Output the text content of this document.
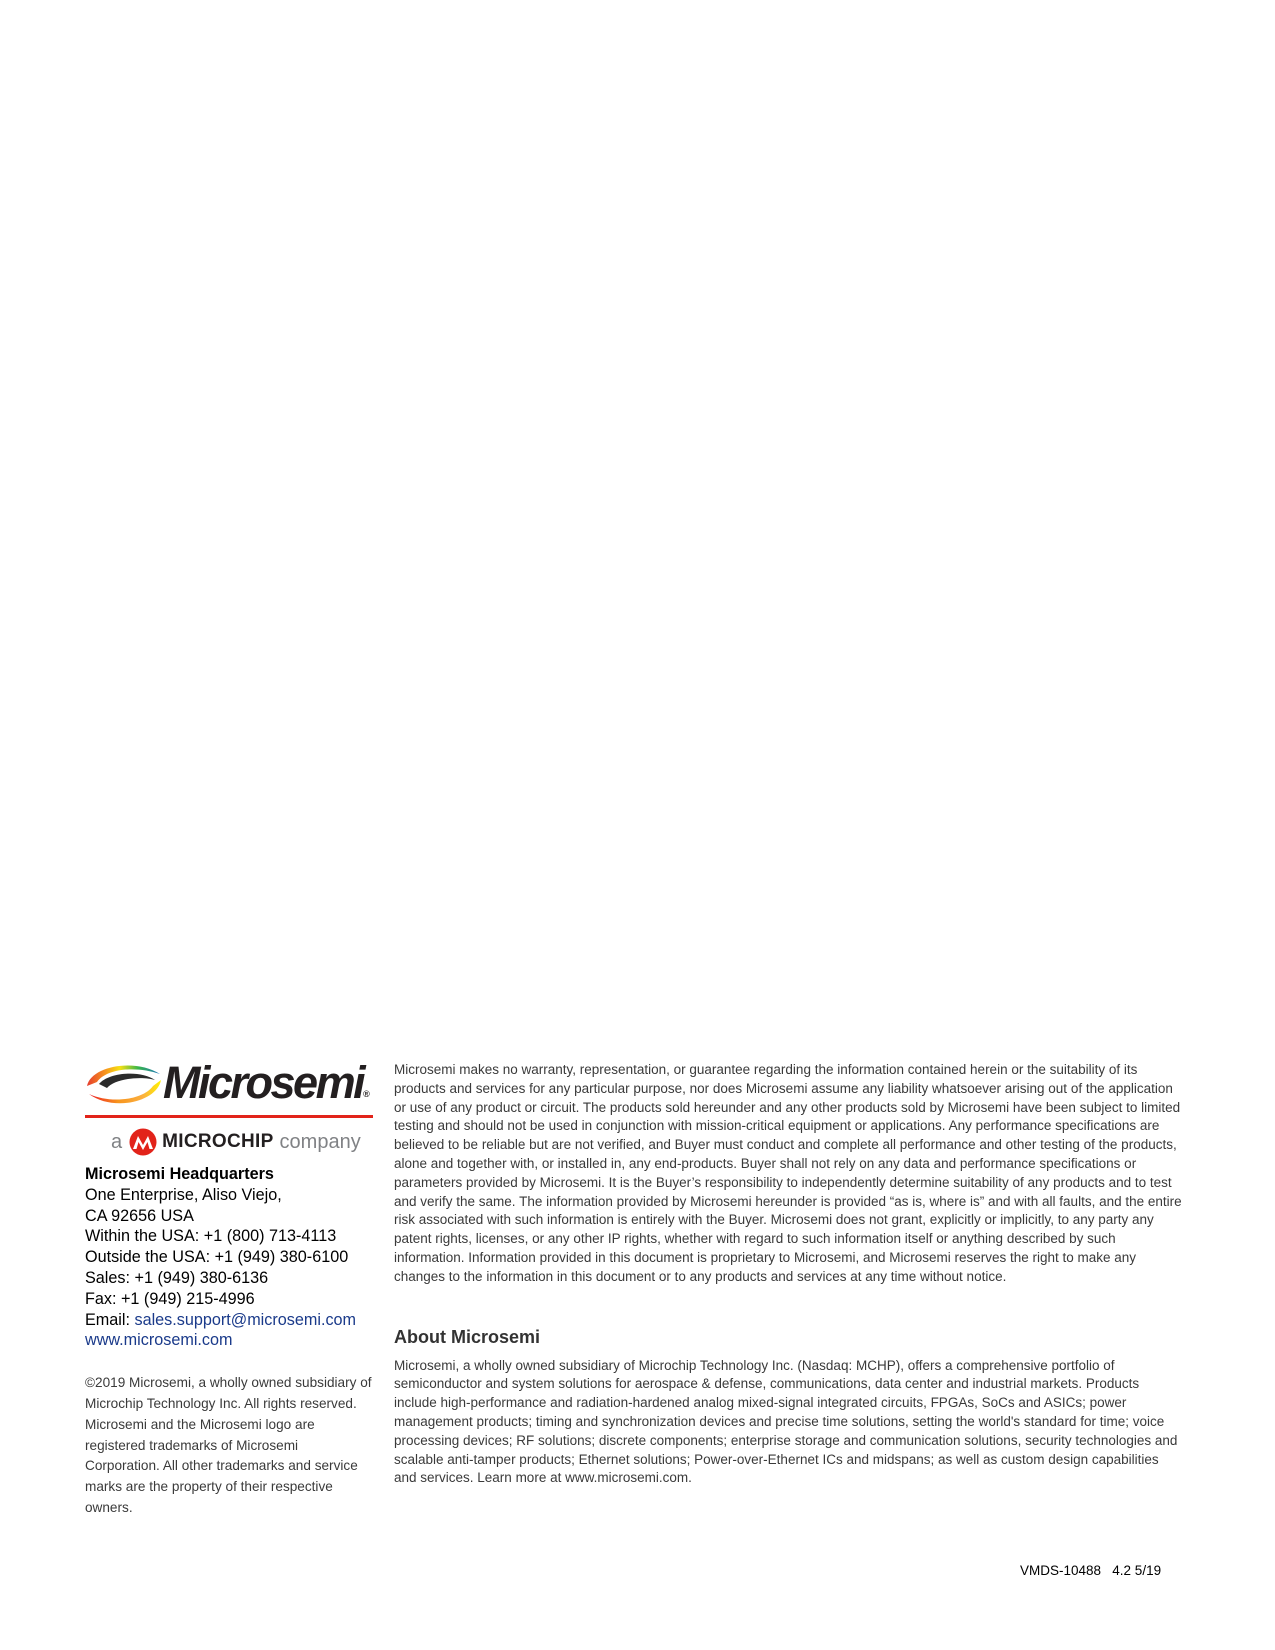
Microsemi®
a MICROCHIP company
Microsemi Headquarters
One Enterprise, Aliso Viejo,
CA 92656 USA
Within the USA: +1 (800) 713-4113
Outside the USA: +1 (949) 380-6100
Sales: +1 (949) 380-6136
Fax: +1 (949) 215-4996
Email: sales.support@microsemi.com
www.microsemi.com
©2019 Microsemi, a wholly owned subsidiary of Microchip Technology Inc. All rights reserved. Microsemi and the Microsemi logo are registered trademarks of Microsemi Corporation. All other trademarks and service marks are the property of their respective owners.

Microsemi makes no warranty, representation, or guarantee regarding the information contained herein or the suitability of its products and services for any particular purpose, nor does Microsemi assume any liability whatsoever arising out of the application or use of any product or circuit. The products sold hereunder and any other products sold by Microsemi have been subject to limited testing and should not be used in conjunction with mission-critical equipment or applications. Any performance specifications are believed to be reliable but are not verified, and Buyer must conduct and complete all performance and other testing of the products, alone and together with, or installed in, any end-products. Buyer shall not rely on any data and performance specifications or parameters provided by Microsemi. It is the Buyer’s responsibility to independently determine suitability of any products and to test and verify the same. The information provided by Microsemi hereunder is provided “as is, where is” and with all faults, and the entire risk associated with such information is entirely with the Buyer. Microsemi does not grant, explicitly or implicitly, to any party any patent rights, licenses, or any other IP rights, whether with regard to such information itself or anything described by such information. Information provided in this document is proprietary to Microsemi, and Microsemi reserves the right to make any changes to the information in this document or to any products and services at any time without notice.

About Microsemi

Microsemi, a wholly owned subsidiary of Microchip Technology Inc. (Nasdaq: MCHP), offers a comprehensive portfolio of semiconductor and system solutions for aerospace & defense, communications, data center and industrial markets. Products include high-performance and radiation-hardened analog mixed-signal integrated circuits, FPGAs, SoCs and ASICs; power management products; timing and synchronization devices and precise time solutions, setting the world's standard for time; voice processing devices; RF solutions; discrete components; enterprise storage and communication solutions, security technologies and scalable anti-tamper products; Ethernet solutions; Power-over-Ethernet ICs and midspans; as well as custom design capabilities and services. Learn more at www.microsemi.com.

VMDS-10488   4.2 5/19
